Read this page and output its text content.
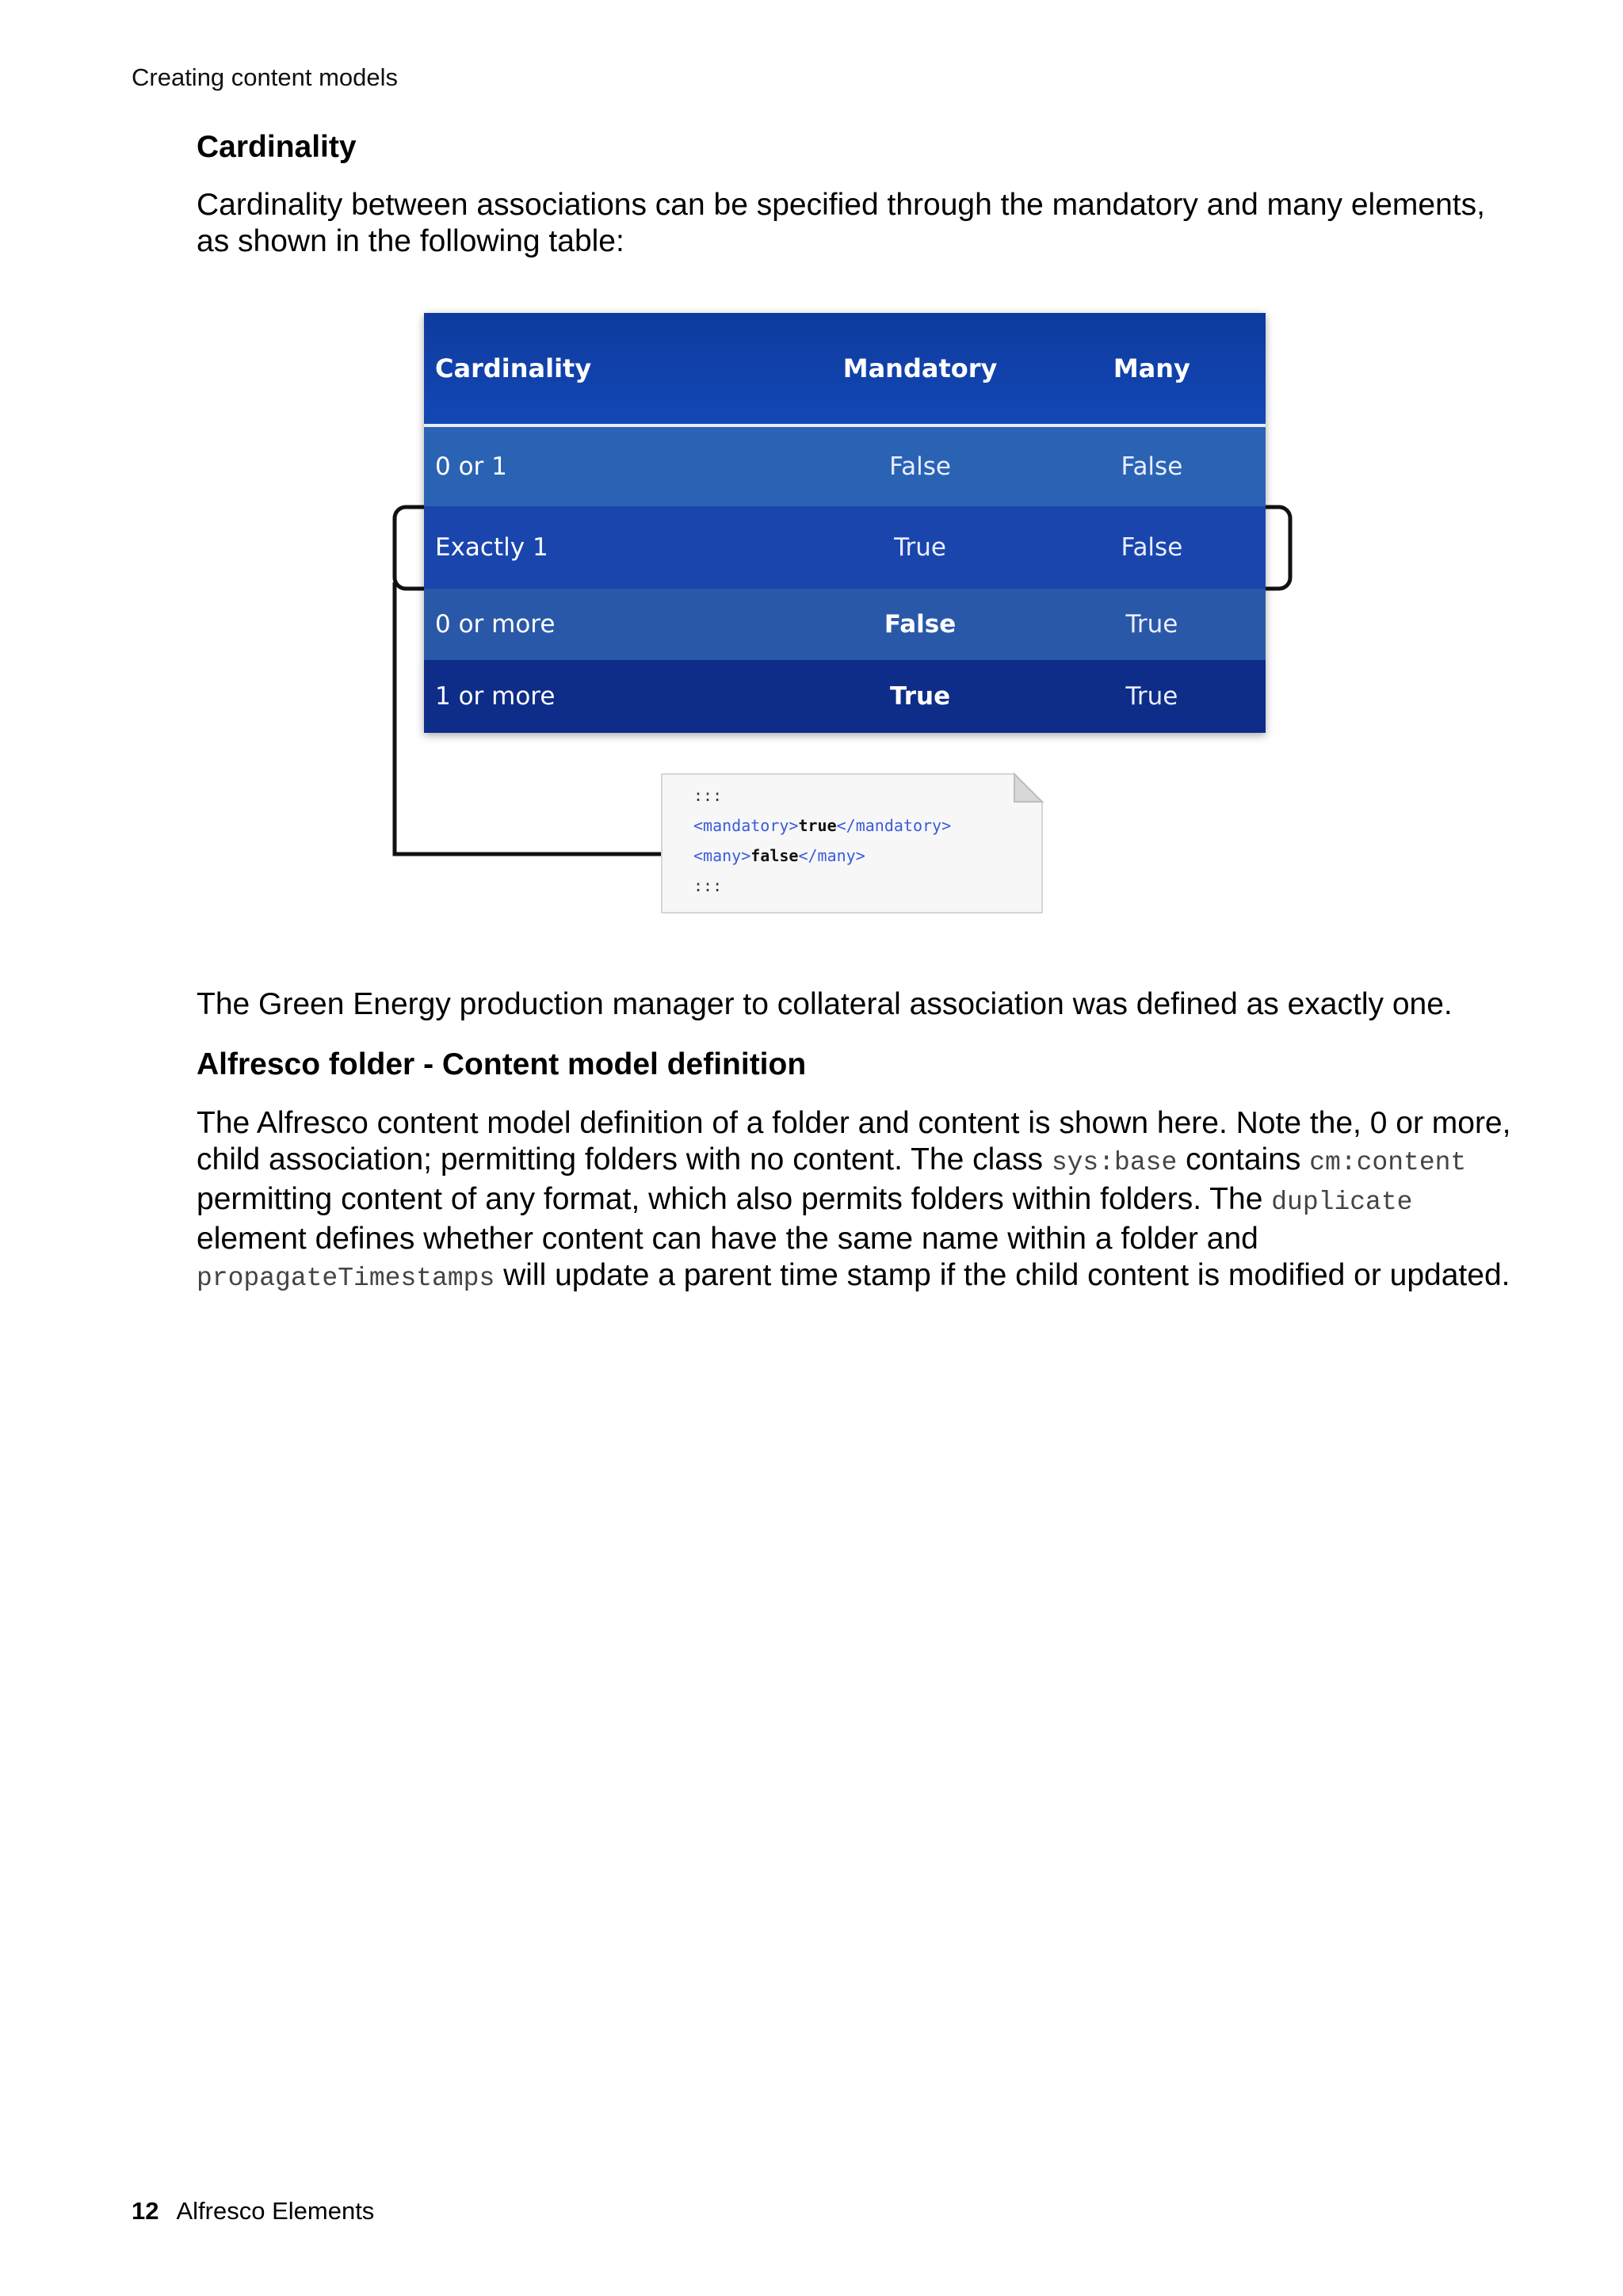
Creating content models
Cardinality

Cardinality between associations can be specified through the mandatory and many elements, as shown in the following table:

Cardinality	Mandatory	Many
0 or 1	False	False
Exactly 1	True	False
0 or more	False	True
1 or more	True	True
:::
<mandatory>true</mandatory>
<many>false</many>
:::

The Green Energy production manager to collateral association was defined as exactly one.

Alfresco folder - Content model definition

The Alfresco content model definition of a folder and content is shown here. Note the, 0 or more, child association; permitting folders with no content. The class sys:base contains cm:content permitting content of any format, which also permits folders within folders. The duplicate element defines whether content can have the same name within a folder and propagateTimestamps will update a parent time stamp if the child content is modified or updated.

12 Alfresco Elements
